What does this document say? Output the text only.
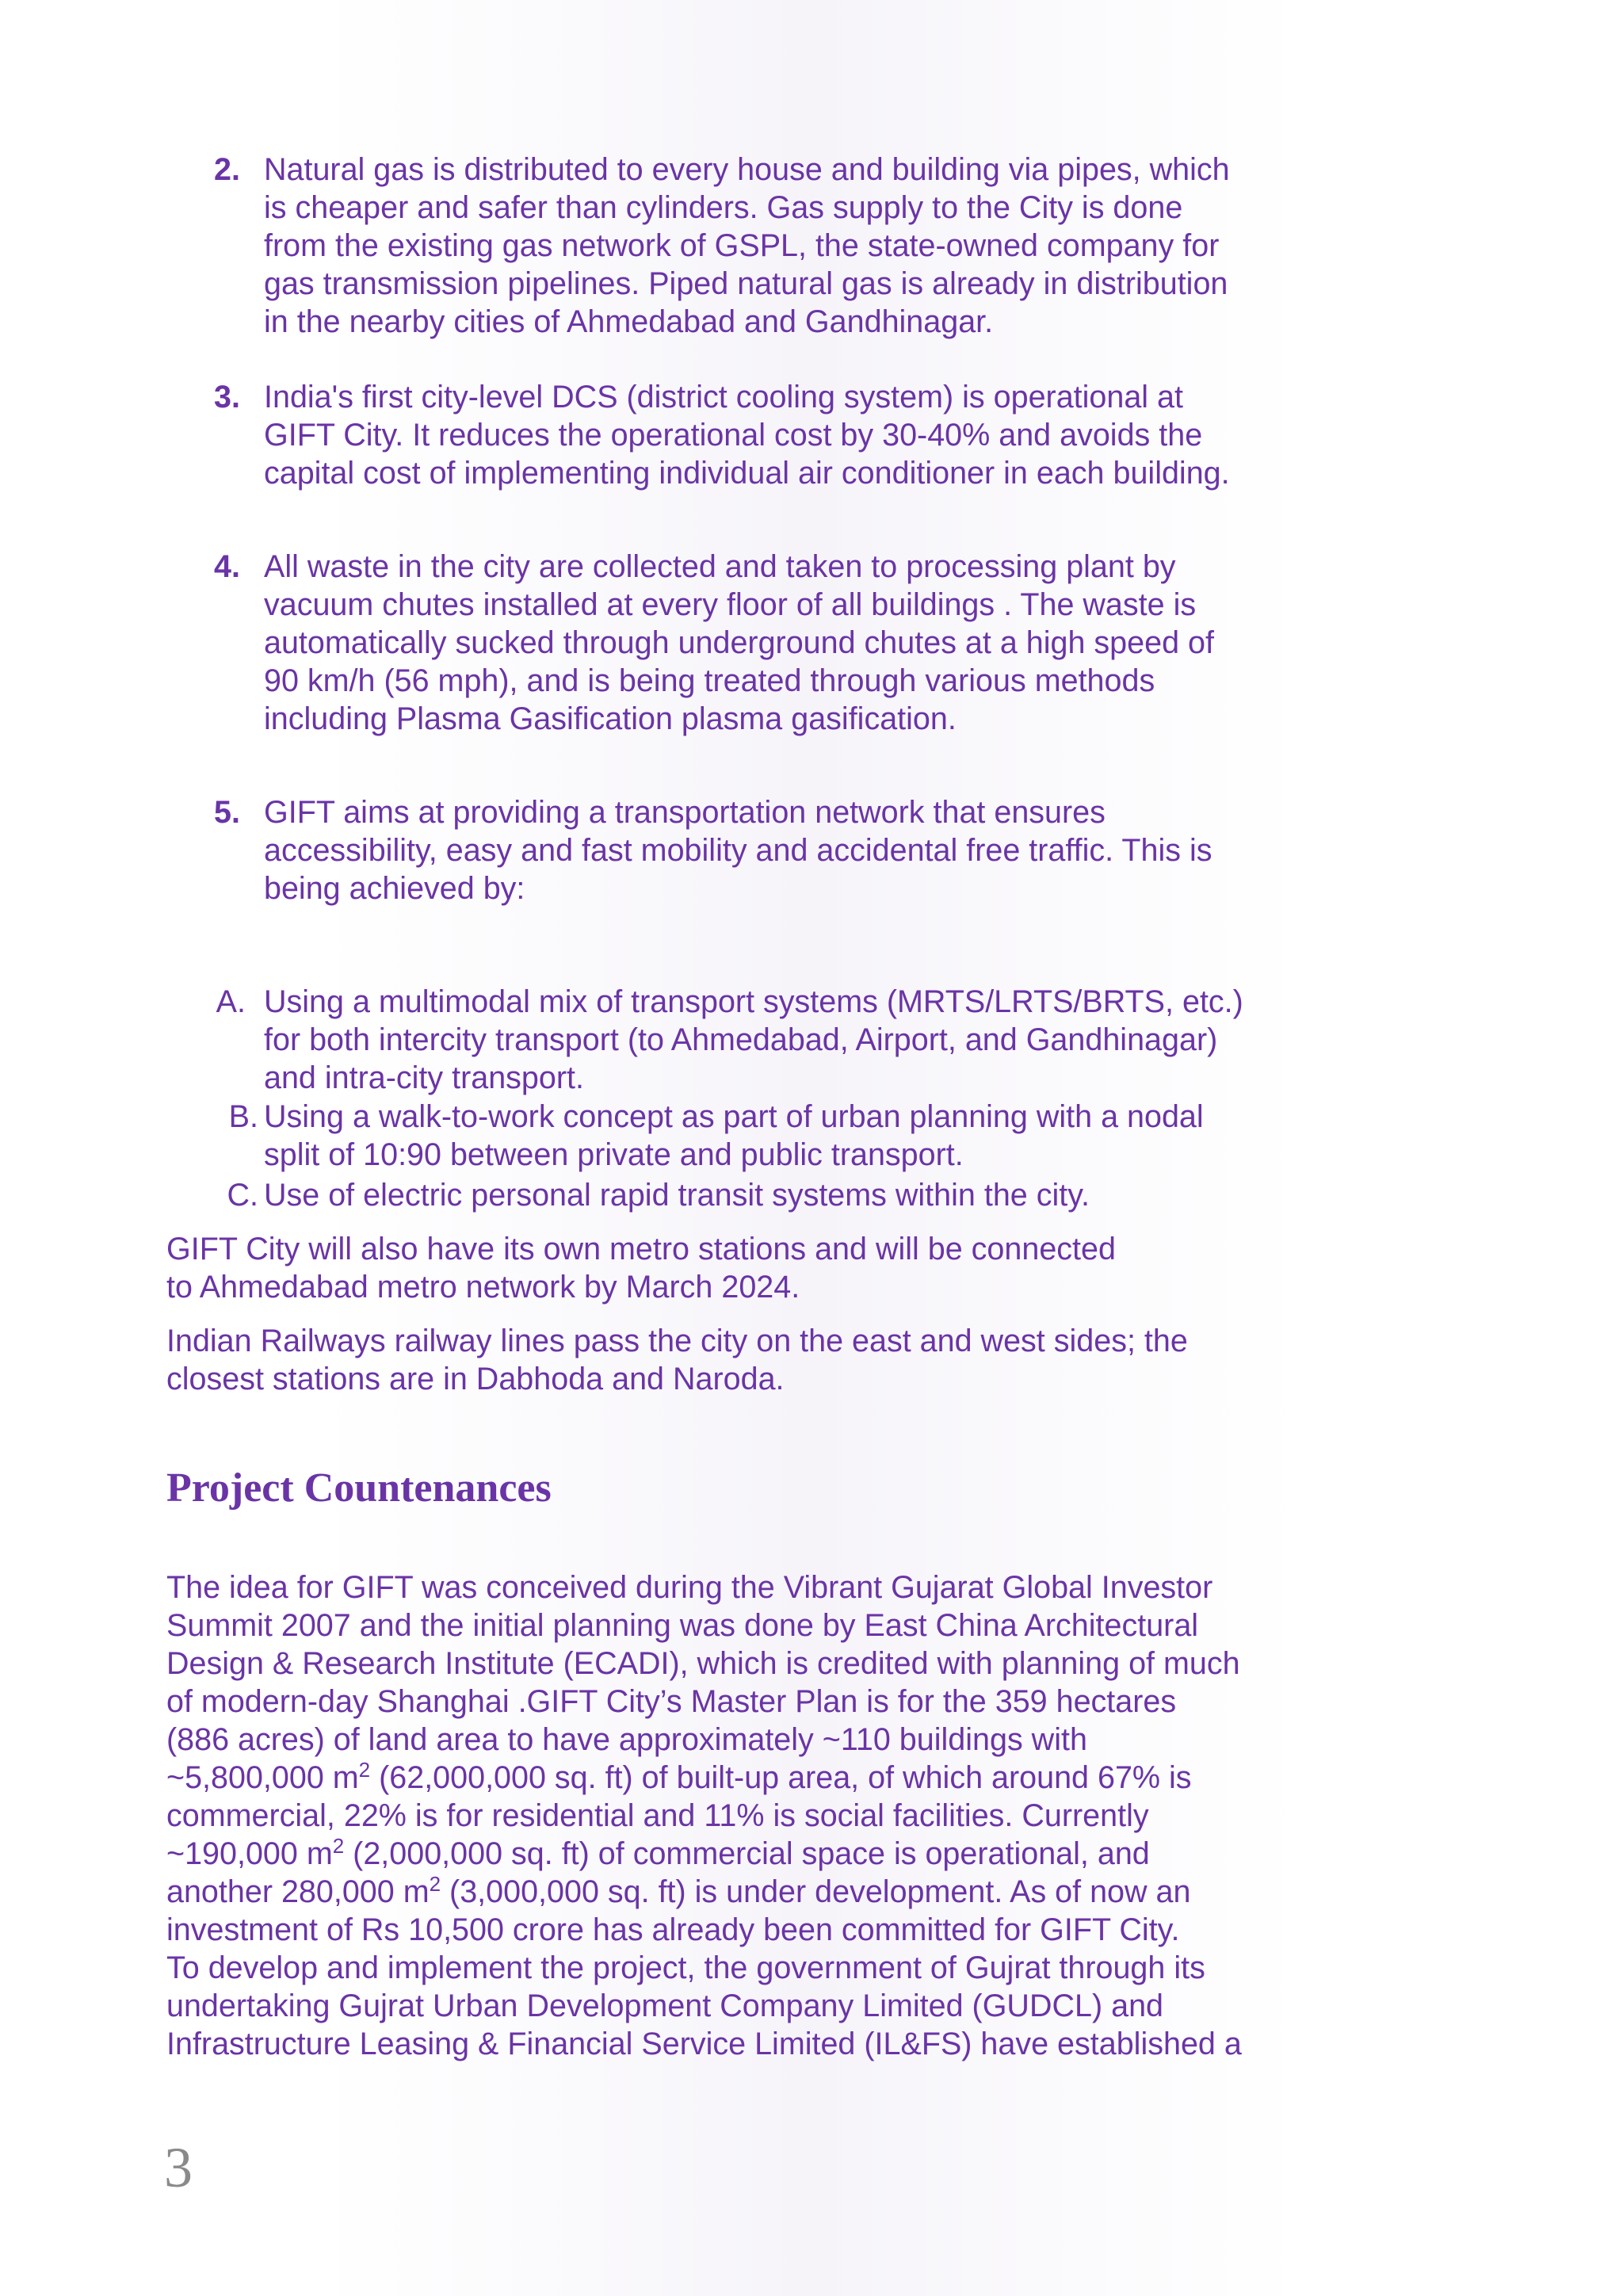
2. Natural gas is distributed to every house and building via pipes, which
is cheaper and safer than cylinders. Gas supply to the City is done
from the existing gas network of GSPL, the state-owned company for
gas transmission pipelines. Piped natural gas is already in distribution
in the nearby cities of Ahmedabad and Gandhinagar.
3. India's first city-level DCS (district cooling system) is operational at
GIFT City. It reduces the operational cost by 30-40% and avoids the
capital cost of implementing individual air conditioner in each building.
4. All waste in the city are collected and taken to processing plant by
vacuum chutes installed at every floor of all buildings . The waste is
automatically sucked through underground chutes at a high speed of
90 km/h (56 mph), and is being treated through various methods
including Plasma Gasification plasma gasification.
5. GIFT aims at providing a transportation network that ensures
accessibility, easy and fast mobility and accidental free traffic. This is
being achieved by:
A. Using a multimodal mix of transport systems (MRTS/LRTS/BRTS, etc.)
for both intercity transport (to Ahmedabad, Airport, and Gandhinagar)
and intra-city transport.
B. Using a walk-to-work concept as part of urban planning with a nodal
split of 10:90 between private and public transport.
C. Use of electric personal rapid transit systems within the city.
GIFT City will also have its own metro stations and will be connected
to Ahmedabad metro network by March 2024.
Indian Railways railway lines pass the city on the east and west sides; the
closest stations are in Dabhoda and Naroda.
Project Countenances
The idea for GIFT was conceived during the Vibrant Gujarat Global Investor
Summit 2007 and the initial planning was done by East China Architectural
Design & Research Institute (ECADI), which is credited with planning of much
of modern-day Shanghai .GIFT City’s Master Plan is for the 359 hectares
(886 acres) of land area to have approximately ~110 buildings with
~5,800,000 $m^2$ (62,000,000 sq. ft) of built-up area, of which around 67% is
commercial, 22% is for residential and 11% is social facilities. Currently
~190,000 $m^2$ (2,000,000 sq. ft) of commercial space is operational, and
another 280,000 $m^2$ (3,000,000 sq. ft) is under development. As of now an
investment of Rs 10,500 crore has already been committed for GIFT City.
To develop and implement the project, the government of Gujrat through its
undertaking Gujrat Urban Development Company Limited (GUDCL) and
Infrastructure Leasing & Financial Service Limited (IL&FS) have established a
3
